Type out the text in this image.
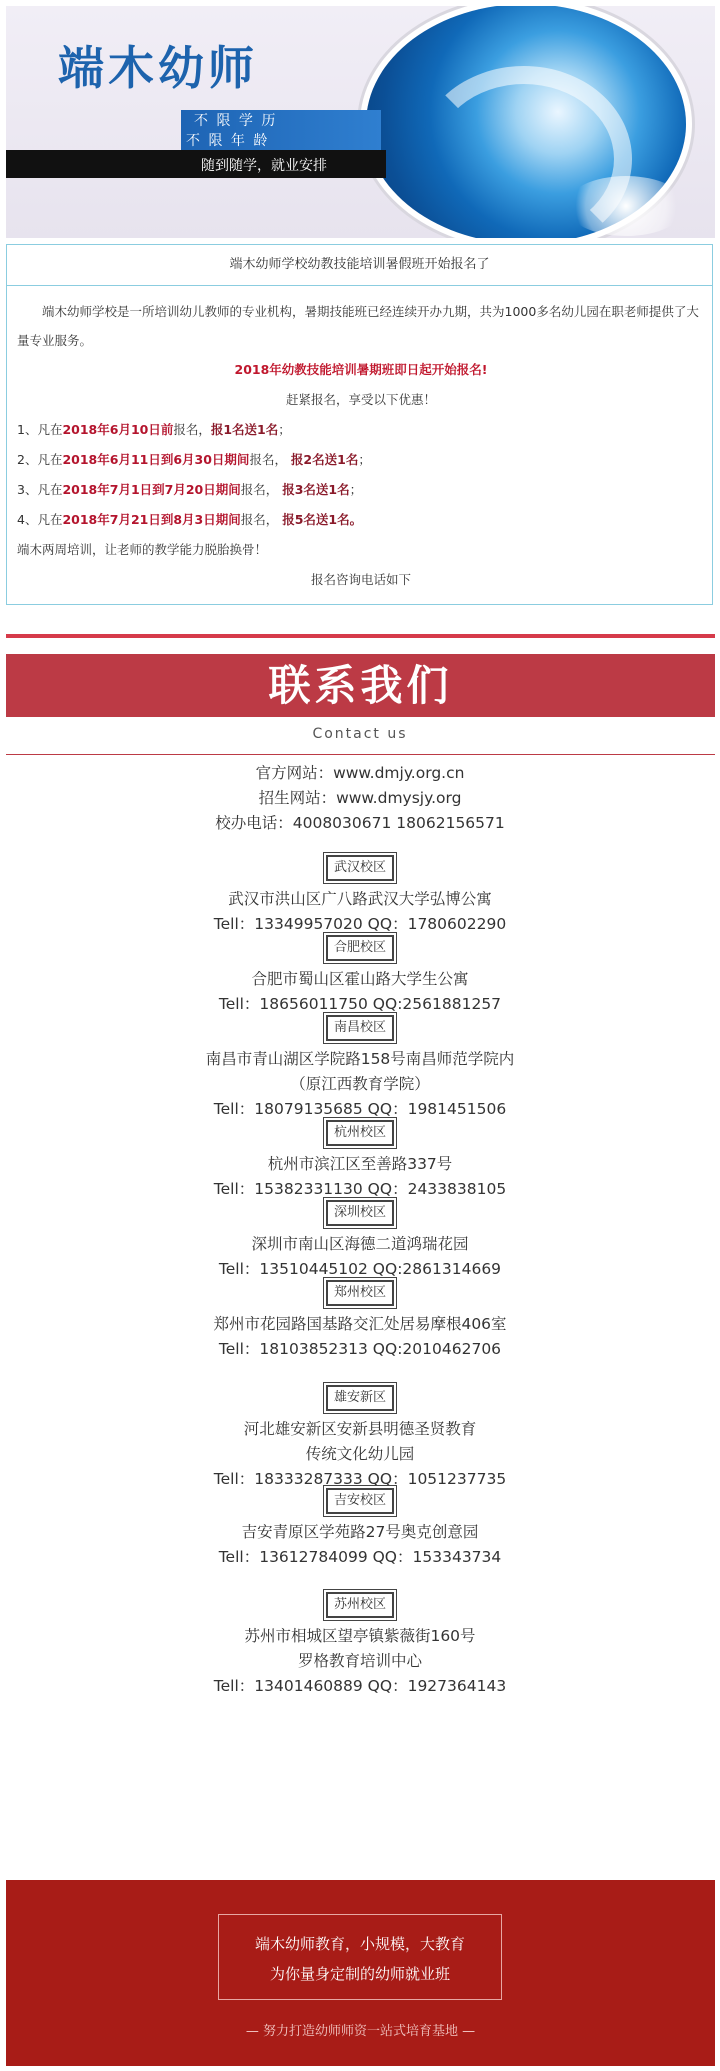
端木幼师
不 限 学 历
不 限 年 龄
随到随学，就业安排
端木幼师学校幼教技能培训暑假班开始报名了

端木幼师学校是一所培训幼儿教师的专业机构，暑期技能班已经连续开办九期，共为1000多名幼儿园在职老师提供了大量专业服务。

2018年幼教技能培训暑期班即日起开始报名!

赶紧报名，享受以下优惠！

1、凡在2018年6月10日前报名，报1名送1名；

2、凡在2018年6月11日到6月30日期间报名， 报2名送1名；

3、凡在2018年7月1日到7月20日期间报名， 报3名送1名；

4、凡在2018年7月21日到8月3日期间报名， 报5名送1名。

端木两周培训，让老师的教学能力脱胎换骨！

报名咨询电话如下

联系我们
Contact us

官方网站：www.dmjy.org.cn

招生网站：www.dmysjy.org

校办电话：4008030671 18062156571

武汉校区

武汉市洪山区广八路武汉大学弘博公寓

Tell：13349957020 QQ：1780602290

合肥校区

合肥市蜀山区霍山路大学生公寓

Tell：18656011750 QQ:2561881257

南昌校区

南昌市青山湖区学院路158号南昌师范学院内

（原江西教育学院）

Tell：18079135685 QQ：1981451506

杭州校区

杭州市滨江区至善路337号

Tell：15382331130 QQ：2433838105

深圳校区

深圳市南山区海德二道鸿瑞花园

Tell：13510445102 QQ:2861314669

郑州校区

郑州市花园路国基路交汇处居易摩根406室

Tell：18103852313 QQ:2010462706

雄安新区

河北雄安新区安新县明德圣贤教育

传统文化幼儿园

Tell：18333287333 QQ：1051237735

吉安校区

吉安青原区学苑路27号奥克创意园

Tell：13612784099 QQ：153343734

苏州校区

苏州市相城区望亭镇紫薇街160号

罗格教育培训中心

Tell：13401460889 QQ：1927364143

端木幼师教育，小规模，大教育
为你量身定制的幼师就业班
— 努力打造幼师师资一站式培育基地 —
